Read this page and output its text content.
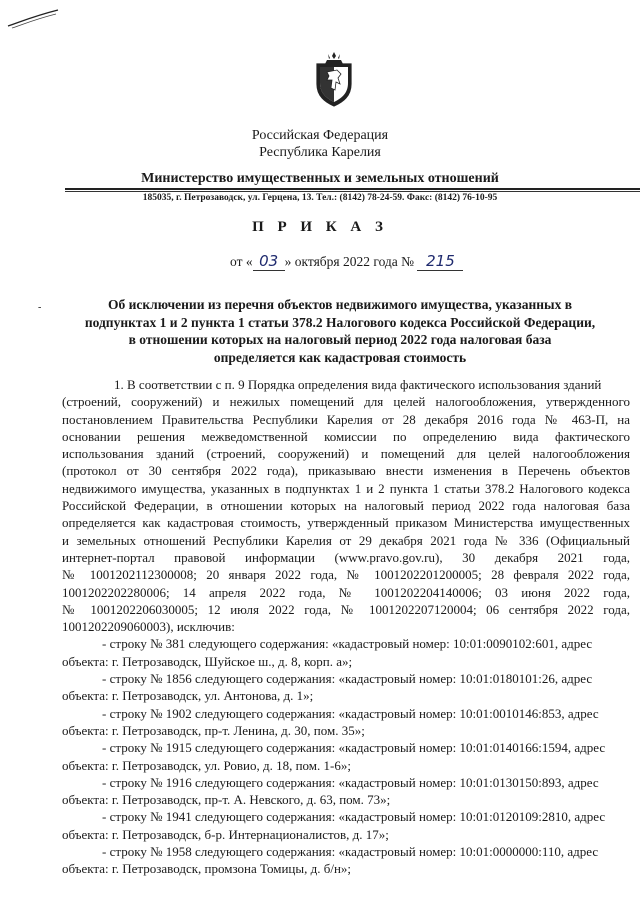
Российская Федерация
Республика Карелия
Министерство имущественных и земельных отношений
185035, г. Петрозаводск, ул. Герцена, 13. Тел.: (8142) 78-24-59. Факс: (8142) 76-10-95
П Р И К А З
от « 03 » октября 2022 года № 215
-	Об исключении из перечня объектов недвижимого имущества, указанных в
подпунктах 1 и 2 пункта 1 статьи 378.2 Налогового кодекса Российской Федерации,
в отношении которых на налоговый период 2022 года налоговая база
определяется как кадастровая стоимость
1. В соответствии с п. 9 Порядка определения вида фактического использования зданий
(строений, сооружений) и нежилых помещений для целей налогообложения, утвержденного
постановлением Правительства Республики Карелия от 28 декабря 2016 года № 463-П, на
основании решения межведомственной комиссии по определению вида фактического
использования зданий (строений, сооружений) и помещений для целей налогообложения
(протокол от 30 сентября 2022 года), приказываю внести изменения в Перечень объектов
недвижимого имущества, указанных в подпунктах 1 и 2 пункта 1 статьи 378.2 Налогового кодекса
Российской Федерации, в отношении которых на налоговый период 2022 года налоговая база
определяется как кадастровая стоимость, утвержденный приказом Министерства имущественных
и земельных отношений Республики Карелия от 29 декабря 2021 года № 336 (Официальный
интернет-портал правовой информации (www.pravo.gov.ru), 30 декабря 2021 года,
№ 1001202112300008; 20 января 2022 года, № 1001202201200005; 28 февраля 2022 года,
1001202202280006; 14 апреля 2022 года, № 1001202204140006; 03 июня 2022 года,
№ 1001202206030005; 12 июля 2022 года, № 1001202207120004; 06 сентября 2022 года,
1001202209060003), исключив:
- строку № 381 следующего содержания: «кадастровый номер: 10:01:0090102:601, адрес
объекта: г. Петрозаводск, Шуйское ш., д. 8, корп. а»;
- строку № 1856 следующего содержания: «кадастровый номер: 10:01:0180101:26, адрес
объекта: г. Петрозаводск, ул. Антонова, д. 1»;
- строку № 1902 следующего содержания: «кадастровый номер: 10:01:0010146:853, адрес
объекта: г. Петрозаводск, пр-т. Ленина, д. 30, пом. 35»;
- строку № 1915 следующего содержания: «кадастровый номер: 10:01:0140166:1594, адрес
объекта: г. Петрозаводск, ул. Ровио, д. 18, пом. 1-6»;
- строку № 1916 следующего содержания: «кадастровый номер: 10:01:0130150:893, адрес
объекта: г. Петрозаводск, пр-т. А. Невского, д. 63, пом. 73»;
- строку № 1941 следующего содержания: «кадастровый номер: 10:01:0120109:2810, адрес
объекта: г. Петрозаводск, б-р. Интернационалистов, д. 17»;
- строку № 1958 следующего содержания: «кадастровый номер: 10:01:0000000:110, адрес
объекта: г. Петрозаводск, промзона Томицы, д. б/н»;
